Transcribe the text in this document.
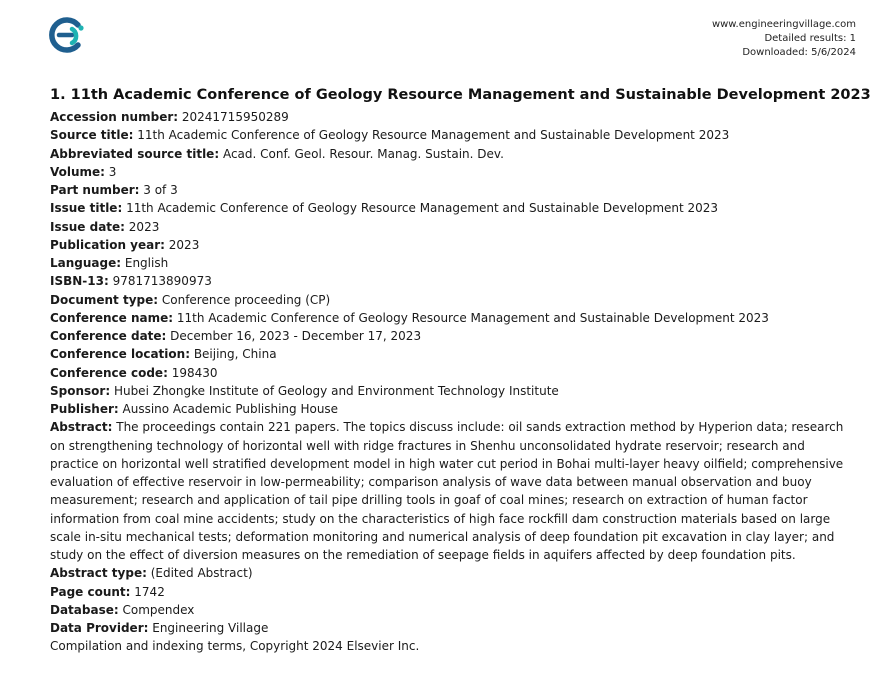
www.engineeringvillage.com
Detailed results: 1
Downloaded: 5/6/2024
1. 11th Academic Conference of Geology Resource Management and Sustainable Development 2023
Accession number: 20241715950289
Source title: 11th Academic Conference of Geology Resource Management and Sustainable Development 2023
Abbreviated source title: Acad. Conf. Geol. Resour. Manag. Sustain. Dev.
Volume: 3
Part number: 3 of 3
Issue title: 11th Academic Conference of Geology Resource Management and Sustainable Development 2023
Issue date: 2023
Publication year: 2023
Language: English
ISBN-13: 9781713890973
Document type: Conference proceeding (CP)
Conference name: 11th Academic Conference of Geology Resource Management and Sustainable Development 2023
Conference date: December 16, 2023 - December 17, 2023
Conference location: Beijing, China
Conference code: 198430
Sponsor: Hubei Zhongke Institute of Geology and Environment Technology Institute
Publisher: Aussino Academic Publishing House
Abstract: The proceedings contain 221 papers. The topics discuss include: oil sands extraction method by Hyperion data; research on strengthening technology of horizontal well with ridge fractures in Shenhu unconsolidated hydrate reservoir; research and practice on horizontal well stratified development model in high water cut period in Bohai multi-layer heavy oilfield; comprehensive evaluation of effective reservoir in low-permeability; comparison analysis of wave data between manual observation and buoy measurement; research and application of tail pipe drilling tools in goaf of coal mines; research on extraction of human factor information from coal mine accidents; study on the characteristics of high face rockfill dam construction materials based on large scale in-situ mechanical tests; deformation monitoring and numerical analysis of deep foundation pit excavation in clay layer; and study on the effect of diversion measures on the remediation of seepage fields in aquifers affected by deep foundation pits.
Abstract type: (Edited Abstract)
Page count: 1742
Database: Compendex
Data Provider: Engineering Village
Compilation and indexing terms, Copyright 2024 Elsevier Inc.
